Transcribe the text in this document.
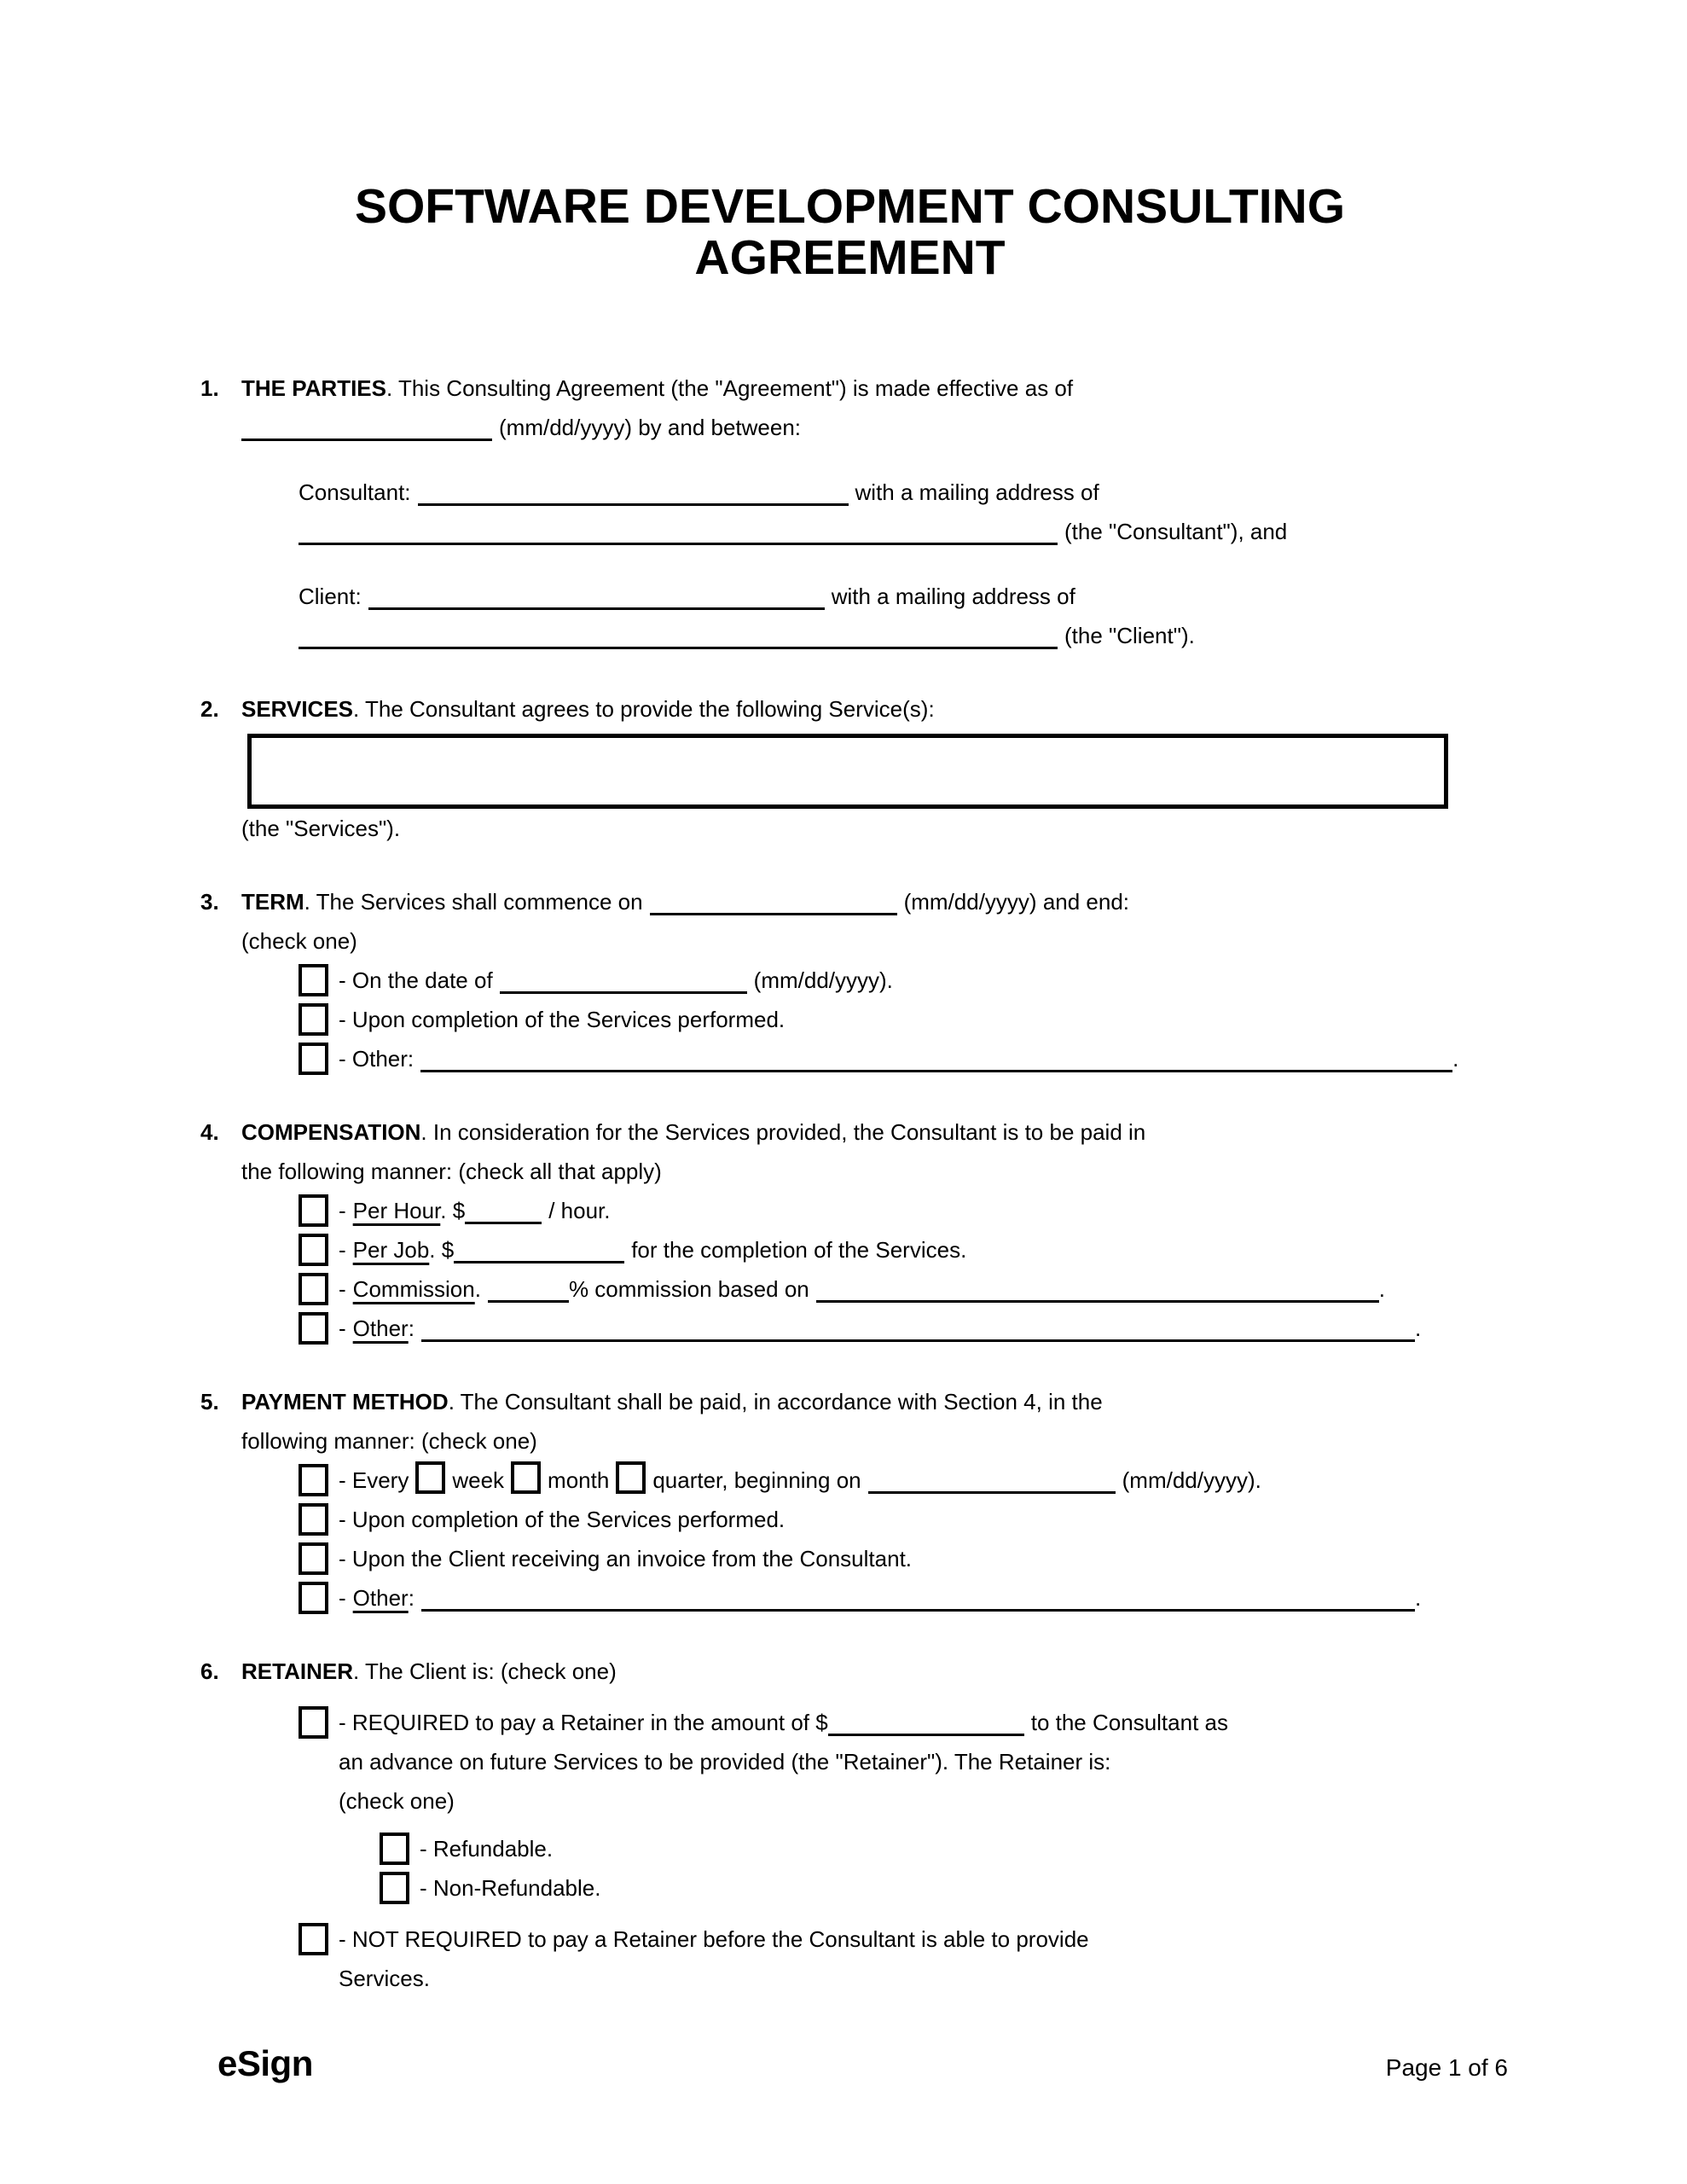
SOFTWARE DEVELOPMENT CONSULTING AGREEMENT
1.	THE PARTIES. This Consulting Agreement (the "Agreement") is made effective as of
(mm/dd/yyyy) by and between:

Consultant:	with a mailing address of
(the "Consultant"), and

Client:	with a mailing address of
(the "Client").

2.	SERVICES. The Consultant agrees to provide the following Service(s):

(the "Services").

3.	TERM. The Services shall commence on	(mm/dd/yyyy) and end:
(check one)

- On the date of	(mm/dd/yyyy).
- Upon completion of the Services performed.
- Other:	.
4.	COMPENSATION. In consideration for the Services provided, the Consultant is to be paid in
the following manner: (check all that apply)

- Per Hour. $	/ hour.
- Per Job. $	for the completion of the Services.
- Commission.	% commission based on	.
- Other:	.
5.	PAYMENT METHOD. The Consultant shall be paid, in accordance with Section 4, in the
following manner: (check one)

- Every week month quarter, beginning on	(mm/dd/yyyy).
- Upon completion of the Services performed.
- Upon the Client receiving an invoice from the Consultant.
- Other:	.
6.	RETAINER. The Client is: (check one)

- REQUIRED to pay a Retainer in the amount of $	to the Consultant as
an advance on future Services to be provided (the "Retainer"). The Retainer is:
(check one)
- Refundable.
- Non-Refundable.
- NOT REQUIRED to pay a Retainer before the Consultant is able to provide
Services.
eSign	Page 1 of 6
